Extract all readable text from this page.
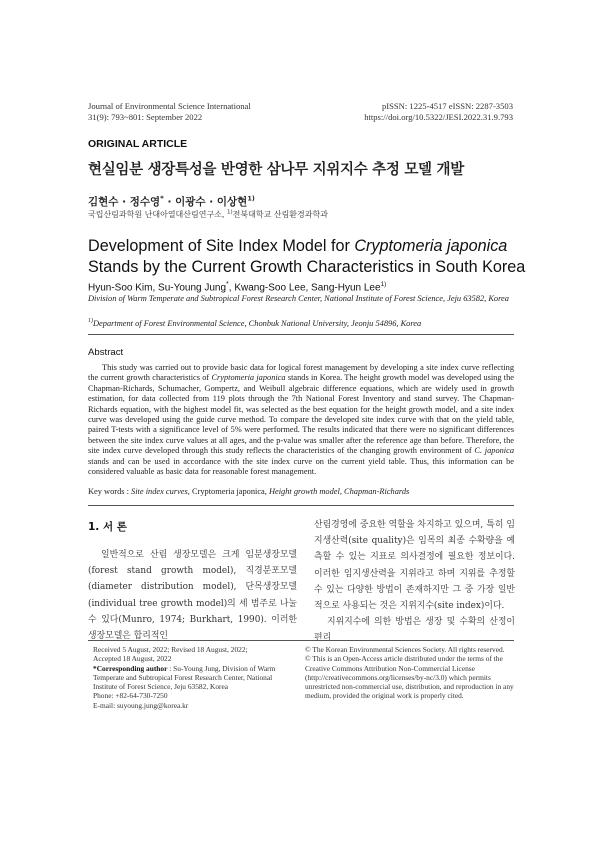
Journal of Environmental Science International
31(9): 793~801: September 2022
pISSN: 1225-4517 eISSN: 2287-3503
https://doi.org/10.5322/JESI.2022.31.9.793
ORIGINAL ARTICLE
현실임분 생장특성을 반영한 삼나무 지위지수 추정 모델 개발
김현수 · 정수영* · 이광수 · 이상현$^{1)}$
국립산림과학원 난대아열대산림연구소, $^{1)}$전북대학교 산림환경과학과
Development of Site Index Model for Cryptomeria japonica Stands by the Current Growth Characteristics in South Korea
Hyun-Soo Kim, Su-Young Jung*, Kwang-Soo Lee, Sang-Hyun Lee$^{1)}$
Division of Warm Temperate and Subtropical Forest Research Center, National Institute of Forest Science, Jeju 63582, Korea
$^{1)}$Department of Forest Environmental Science, Chonbuk National University, Jeonju 54896, Korea
Abstract

This study was carried out to provide basic data for logical forest management by developing a site index curve reflecting the current growth characteristics of Cryptomeria japonica stands in Korea. The height growth model was developed using the Chapman-Richards, Schumacher, Gompertz, and Weibull algebraic difference equations, which are widely used in growth estimation, for data collected from 119 plots through the 7th National Forest Inventory and stand survey. The Chapman-Richards equation, with the highest model fit, was selected as the best equation for the height growth model, and a site index curve was developed using the guide curve method. To compare the developed site index curve with that on the yield table, paired T-tests with a significance level of 5% were performed. The results indicated that there were no significant differences between the site index curve values at all ages, and the p-value was smaller after the reference age than before. Therefore, the site index curve developed through this study reflects the characteristics of the changing growth environment of C. japonica stands and can be used in accordance with the site index curve on the current yield table. Thus, this information can be considered valuable as basic data for reasonable forest management.

Key words : Site index curves, Cryptomeria japonica, Height growth model, Chapman-Richards
1. 서 론

일반적으로 산림 생장모델은 크게 임분생장모델(forest stand growth model), 직경분포모델(diameter distribution model), 단목생장모델(individual tree growth model)의 세 범주로 나눌 수 있다(Munro, 1974; Burkhart, 1990). 이러한 생장모델은 합리적인

산림경영에 중요한 역할을 차지하고 있으며, 특히 임지생산력(site quality)은 임목의 최종 수확량을 예측할 수 있는 지표로 의사결정에 필요한 정보이다. 이러한 임지생산력을 지위라고 하며 지위를 추정할 수 있는 다양한 방법이 존재하지만 그 중 가장 일반적으로 사용되는 것은 지위지수(site index)이다.

지위지수에 의한 방법은 생장 및 수확의 산정이 편리

Received 5 August, 2022; Revised 18 August, 2022;
Accepted 18 August, 2022
*Corresponding author : Su-Young Jung, Division of Warm Temperate and Subtropical Forest Research Center, National Institute of Forest Science, Jeju 63582, Korea
Phone: +82-64-730-7250
E-mail: suyoung.jung@korea.kr
© The Korean Environmental Sciences Society. All rights reserved.
© This is an Open-Access article distributed under the terms of the Creative Commons Attribution Non-Commercial License (http://creativecommons.org/licenses/by-nc/3.0) which permits unrestricted non-commercial use, distribution, and reproduction in any medium, provided the original work is properly cited.
